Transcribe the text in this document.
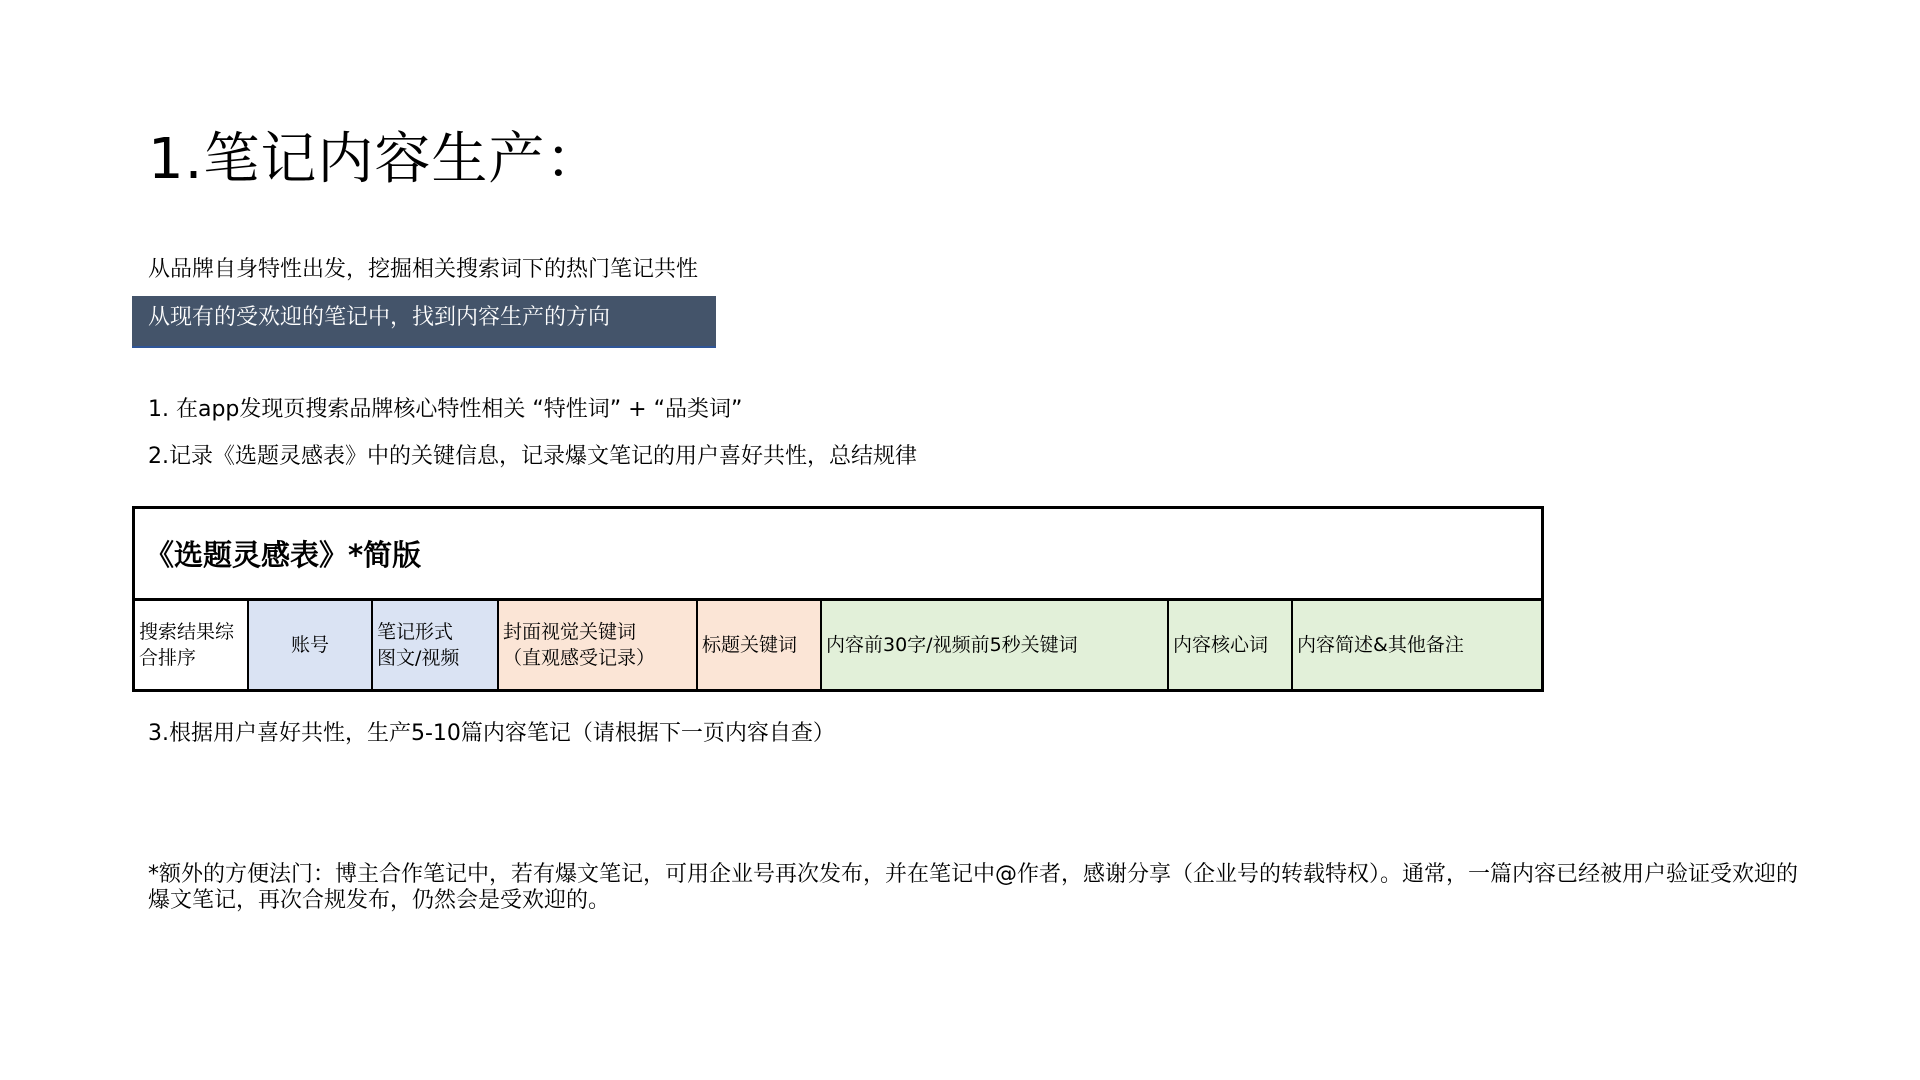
1.笔记内容生产：
从品牌自身特性出发，挖掘相关搜索词下的热门笔记共性
从现有的受欢迎的笔记中，找到内容生产的方向
1. 在app发现页搜索品牌核心特性相关 “特性词” + “品类词”
2.记录《选题灵感表》中的关键信息，记录爆文笔记的用户喜好共性，总结规律
《选题灵感表》*简版
搜索结果综
合排序
账号
笔记形式
图文/视频
封面视觉关键词
（直观感受记录）
标题关键词 内容前30字/视频前5秒关键词	内容核心词 内容简述&其他备注
3.根据用户喜好共性，生产5-10篇内容笔记（请根据下一页内容自查）
*额外的方便法门：博主合作笔记中，若有爆文笔记，可用企业号再次发布，并在笔记中@作者，感谢分享（企业号的转载特权）。通常，一篇内容已经被用户验证受欢迎的爆文笔记，再次合规发布，仍然会是受欢迎的。
